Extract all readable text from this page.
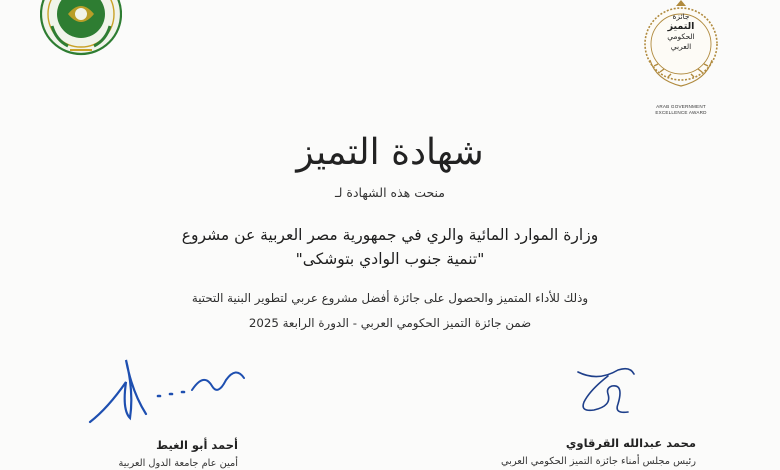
جائزة
التميز
الحكومي
العربي
ARAB GOVERNMENT
EXCELLENCE AWARD
شهادة التميز
منحت هذه الشهادة لـ
وزارة الموارد المائية والري في جمهورية مصر العربية عن مشروع
"تنمية جنوب الوادي بتوشكى"
وذلك للأداء المتميز والحصول على جائزة أفضل مشروع عربي لتطوير البنية التحتية
ضمن جائزة التميز الحكومي العربي - الدورة الرابعة 2025
أحمد أبو الغيط
أمين عام جامعة الدول العربية
محمد عبدالله القرقاوي
رئيس مجلس أمناء جائزة التميز الحكومي العربي
